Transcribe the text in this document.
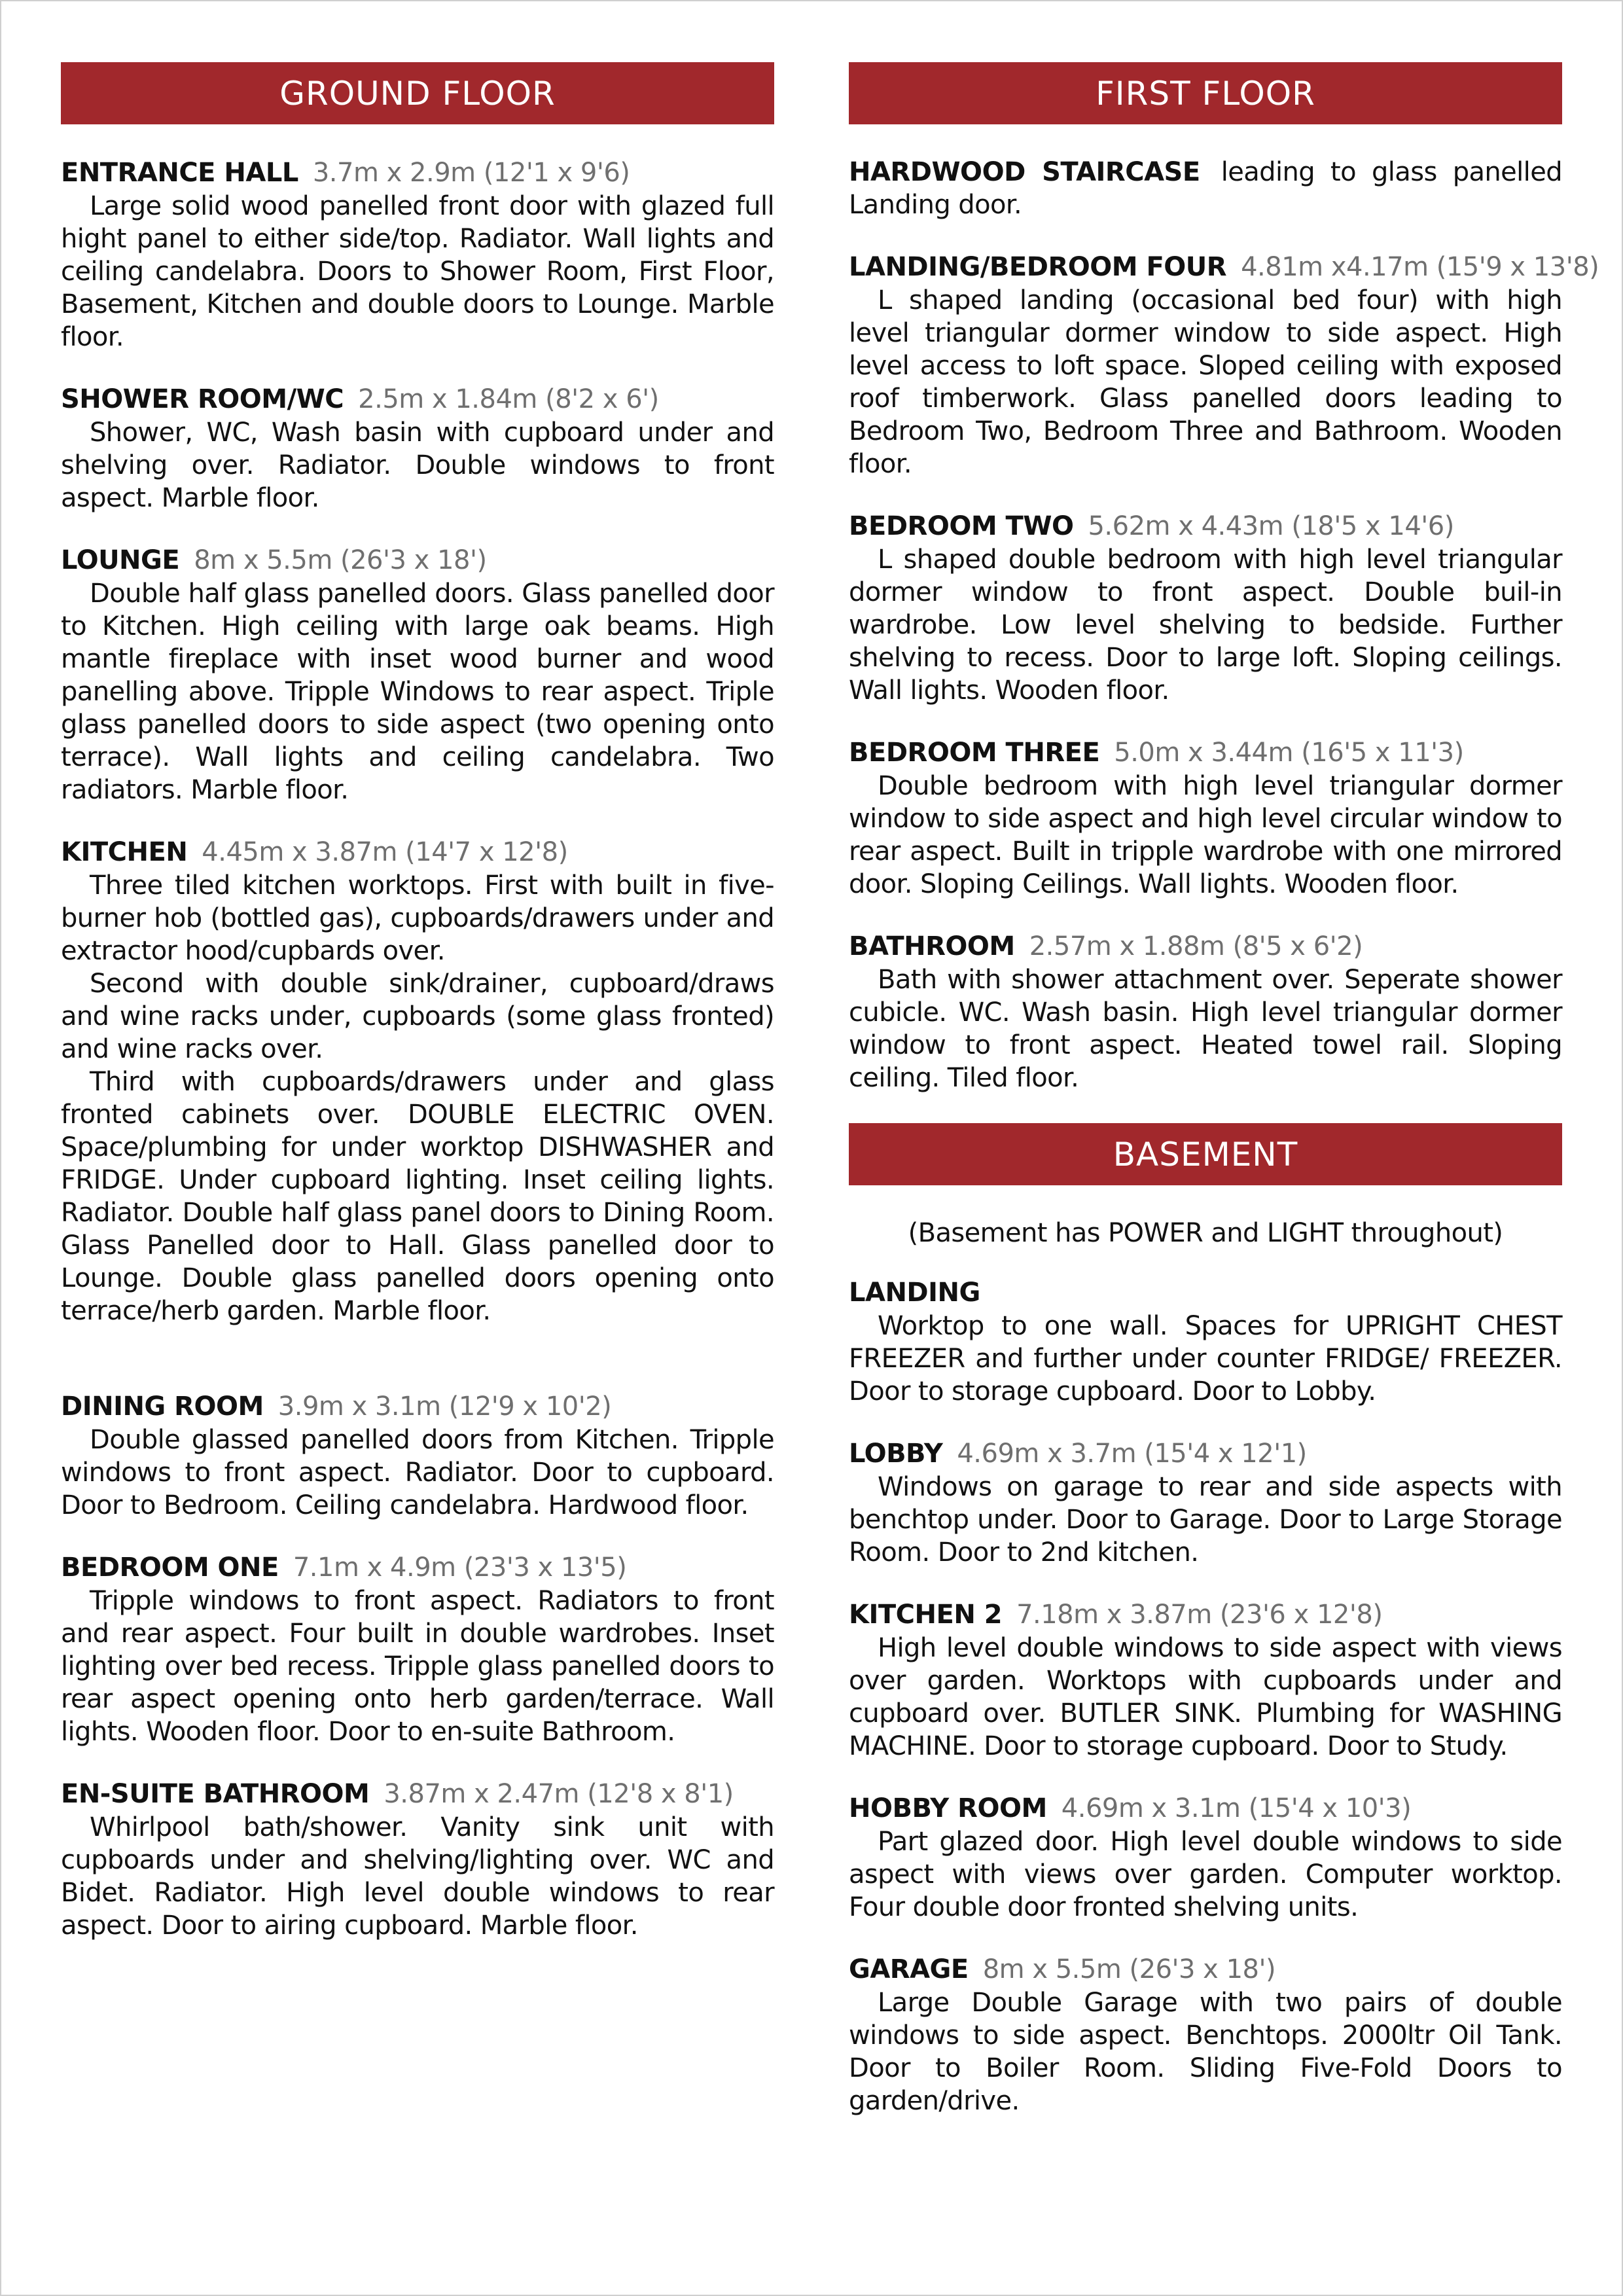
GROUND FLOOR
ENTRANCE HALL 3.7m x 2.9m (12'1 x 9'6)

Large solid wood panelled front door with glazed full hight panel to either side/top. Radiator. Wall lights and ceiling candelabra. Doors to Shower Room, First Floor, Basement, Kitchen and double doors to Lounge. Marble floor.

SHOWER ROOM/WC 2.5m x 1.84m (8'2 x 6')

Shower, WC, Wash basin with cupboard under and shelving over. Radiator. Double windows to front aspect. Marble floor.

LOUNGE 8m x 5.5m (26'3 x 18')

Double half glass panelled doors. Glass panelled door to Kitchen. High ceiling with large oak beams. High mantle fireplace with inset wood burner and wood panelling above. Tripple Windows to rear aspect. Triple glass panelled doors to side aspect (two opening onto terrace). Wall lights and ceiling candelabra. Two radiators. Marble floor.

KITCHEN 4.45m x 3.87m (14'7 x 12'8)

Three tiled kitchen worktops. First with built in five- burner hob (bottled gas), cupboards/drawers under and extractor hood/cupbards over.

Second with double sink/drainer, cupboard/draws and wine racks under, cupboards (some glass fronted) and wine racks over.

Third with cupboards/drawers under and glass fronted cabinets over. DOUBLE ELECTRIC OVEN. Space/plumbing for under worktop DISHWASHER and FRIDGE. Under cupboard lighting. Inset ceiling lights. Radiator. Double half glass panel doors to Dining Room. Glass Panelled door to Hall. Glass panelled door to Lounge. Double glass panelled doors opening onto terrace/herb garden. Marble floor.

DINING ROOM 3.9m x 3.1m (12'9 x 10'2)

Double glassed panelled doors from Kitchen. Tripple windows to front aspect. Radiator. Door to cupboard. Door to Bedroom. Ceiling candelabra. Hardwood floor.

BEDROOM ONE 7.1m x 4.9m (23'3 x 13'5)

Tripple windows to front aspect. Radiators to front and rear aspect. Four built in double wardrobes. Inset lighting over bed recess. Tripple glass panelled doors to rear aspect opening onto herb garden/terrace. Wall lights. Wooden floor. Door to en-suite Bathroom.

EN-SUITE BATHROOM 3.87m x 2.47m (12'8 x 8'1)

Whirlpool bath/shower. Vanity sink unit with cupboards under and shelving/lighting over. WC and Bidet. Radiator. High level double windows to rear aspect. Door to airing cupboard. Marble floor.

FIRST FLOOR

HARDWOOD STAIRCASE leading to glass panelled Landing door.

LANDING/BEDROOM FOUR 4.81m x4.17m (15'9 x 13'8)

L shaped landing (occasional bed four) with high level triangular dormer window to side aspect. High level access to loft space. Sloped ceiling with exposed roof timberwork. Glass panelled doors leading to Bedroom Two, Bedroom Three and Bathroom. Wooden floor.

BEDROOM TWO 5.62m x 4.43m (18'5 x 14'6)

L shaped double bedroom with high level triangular dormer window to front aspect. Double buil-in wardrobe. Low level shelving to bedside. Further shelving to recess. Door to large loft. Sloping ceilings. Wall lights. Wooden floor.

BEDROOM THREE 5.0m x 3.44m (16'5 x 11'3)

Double bedroom with high level triangular dormer window to side aspect and high level circular window to rear aspect. Built in tripple wardrobe with one mirrored door. Sloping Ceilings. Wall lights. Wooden floor.

BATHROOM 2.57m x 1.88m (8'5 x 6'2)

Bath with shower attachment over. Seperate shower cubicle. WC. Wash basin. High level triangular dormer window to front aspect. Heated towel rail. Sloping ceiling. Tiled floor.

BASEMENT

(Basement has POWER and LIGHT throughout)

LANDING

Worktop to one wall. Spaces for UPRIGHT CHEST FREEZER and further under counter FRIDGE/ FREEZER. Door to storage cupboard. Door to Lobby.

LOBBY 4.69m x 3.7m (15'4 x 12'1)

Windows on garage to rear and side aspects with benchtop under. Door to Garage. Door to Large Storage Room. Door to 2nd kitchen.

KITCHEN 2 7.18m x 3.87m (23'6 x 12'8)

High level double windows to side aspect with views over garden. Worktops with cupboards under and cupboard over. BUTLER SINK. Plumbing for WASHING MACHINE. Door to storage cupboard. Door to Study.

HOBBY ROOM 4.69m x 3.1m (15'4 x 10'3)

Part glazed door. High level double windows to side aspect with views over garden. Computer worktop. Four double door fronted shelving units.

GARAGE 8m x 5.5m (26'3 x 18')

Large Double Garage with two pairs of double windows to side aspect. Benchtops. 2000ltr Oil Tank. Door to Boiler Room. Sliding Five-Fold Doors to garden/drive.
